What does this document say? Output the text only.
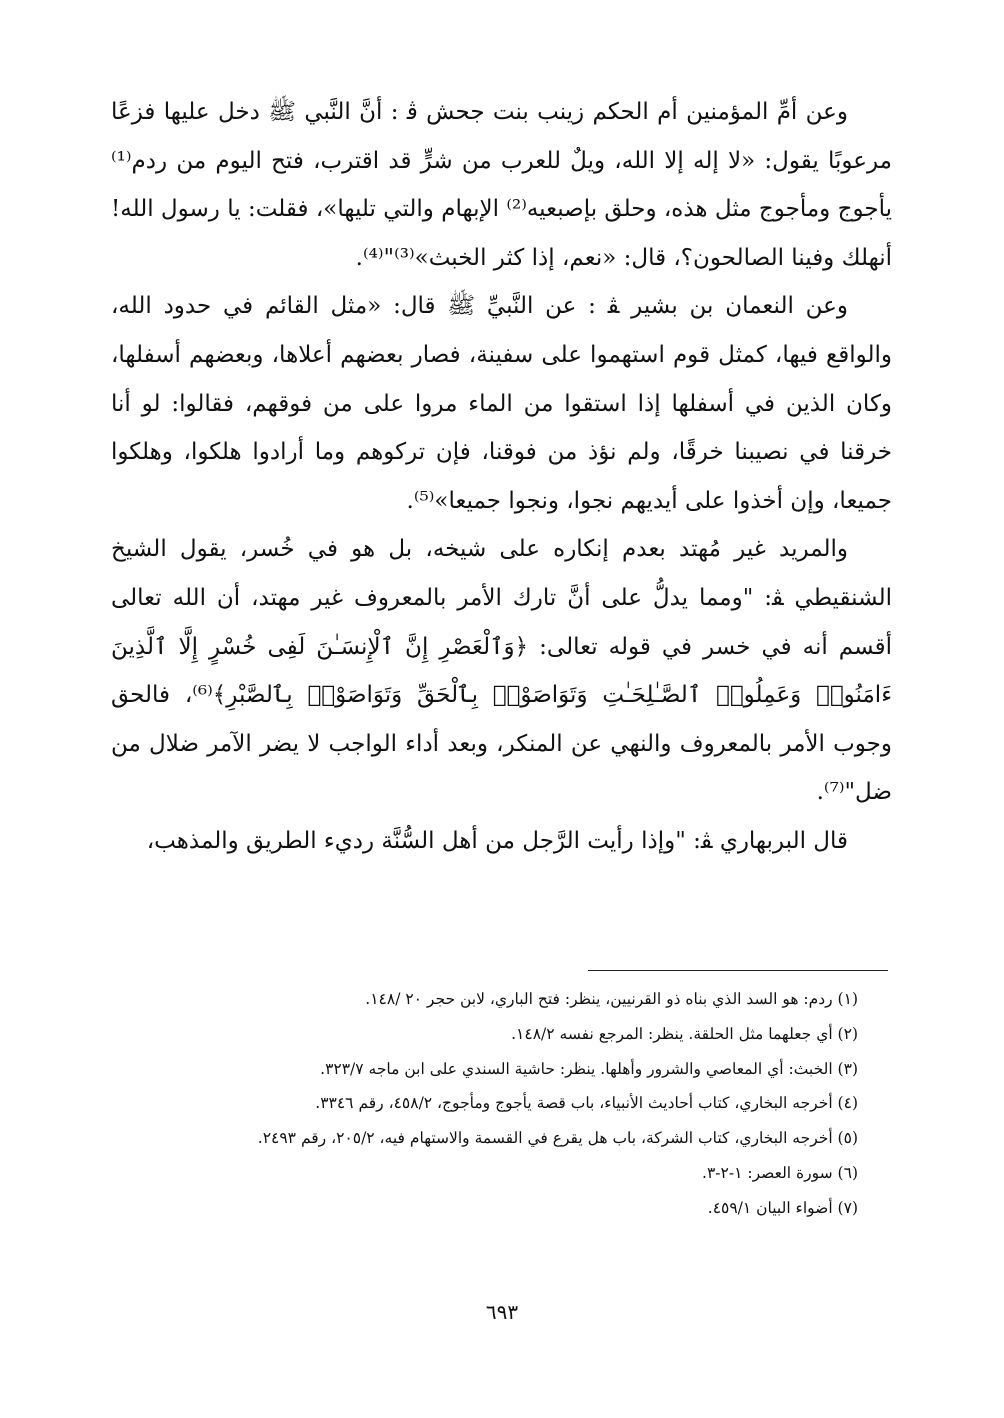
وعن أمِّ المؤمنين أم الحكم زينب بنت جحش ﭬ : أنَّ النَّبي ﷺ دخل عليها فزعًا مرعوبًا يقول: «لا إله إلا الله، ويلٌ للعرب من شرٍّ قد اقترب، فتح اليوم من ردم⁽¹⁾ يأجوج ومأجوج مثل هذه، وحلق بإصبعيه⁽²⁾ الإبهام والتي تليها»، فقلت: يا رسول الله! أنهلك وفينا الصالحون؟، قال: «نعم، إذا كثر الخبث»⁽³⁾"⁽⁴⁾.

وعن النعمان بن بشير ﭭ : عن النَّبيِّ ﷺ قال: «مثل القائم في حدود الله، والواقع فيها، كمثل قوم استهموا على سفينة، فصار بعضهم أعلاها، وبعضهم أسفلها، وكان الذين في أسفلها إذا استقوا من الماء مروا على من فوقهم، فقالوا: لو أنا خرقنا في نصيبنا خرقًا، ولم نؤذ من فوقنا، فإن تركوهم وما أرادوا هلكوا، وهلكوا جميعا، وإن أخذوا على أيديهم نجوا، ونجوا جميعا»⁽⁵⁾.

والمريد غير مُهتد بعدم إنكاره على شيخه، بل هو في خُسر، يقول الشيخ الشنقيطي ﭭ: "ومما يدلُّ على أنَّ تارك الأمر بالمعروف غير مهتد، أن الله تعالى أقسم أنه في خسر في قوله تعالى: ﴿وَٱلْعَصْرِ إِنَّ ٱلْإِنسَـٰنَ لَفِى خُسْرٍ إِلَّا ٱلَّذِينَ ءَامَنُوا۟ وَعَمِلُوا۟ ٱلصَّـٰلِحَـٰتِ وَتَوَاصَوْا۟ بِٱلْحَقِّ وَتَوَاصَوْا۟ بِٱلصَّبْرِ﴾⁽⁶⁾، فالحق وجوب الأمر بالمعروف والنهي عن المنكر، وبعد أداء الواجب لا يضر الآمر ضلال من ضل"⁽⁷⁾.

قال البربهاري ﭭ: "وإذا رأيت الرَّجل من أهل السُّنَّة رديء الطريق والمذهب،

(١) ردم: هو السد الذي بناه ذو القرنيين، ينظر: فتح الباري، لابن حجر ٢٠ /١٤٨.

(٢) أي جعلهما مثل الحلقة. ينظر: المرجع نفسه ١٤٨/٢.

(٣) الخبث: أي المعاصي والشرور وأهلها. ينظر: حاشية السندي على ابن ماجه ٣٢٣/٧.

(٤) أخرجه البخاري، كتاب أحاديث الأنبياء، باب قصة يأجوج ومأجوج، ٤٥٨/٢، رقم ٣٣٤٦.

(٥) أخرجه البخاري، كتاب الشركة، باب هل يقرع في القسمة والاستهام فيه، ٢٠٥/٢، رقم ٢٤٩٣.

(٦) سورة العصر: ١-٢-٣.

(٧) أضواء البيان ٤٥٩/١.

٦٩٣
